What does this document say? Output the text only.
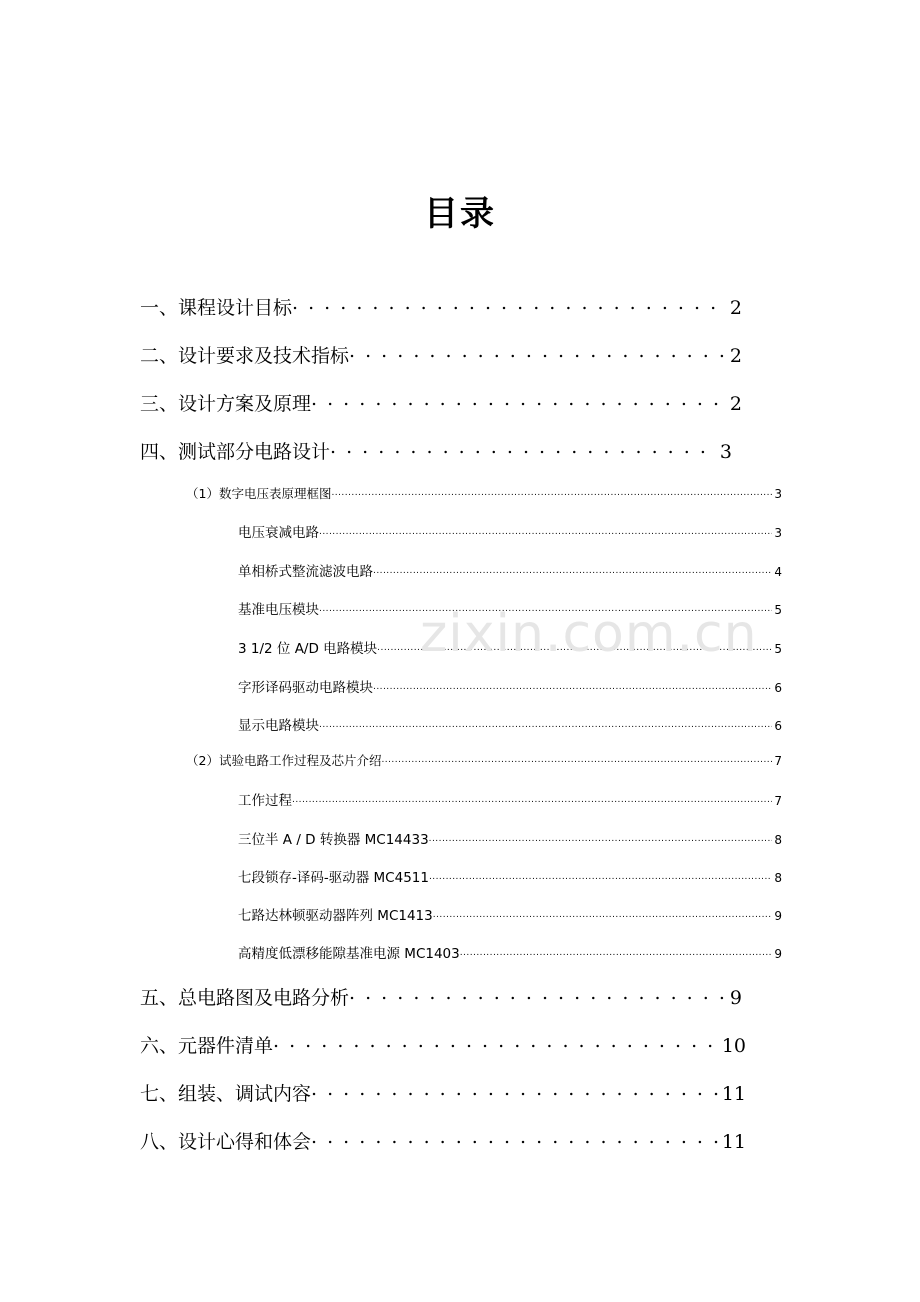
目录
一、课程设计目标 . . .	2
二、设计要求及技术指标 . . .	2
三、设计方案及原理 . . .	2
四、测试部分电路设计 . . .	3
（1）数字电压表原理框图 . . .	3
电压衰减电路 . . .	3
单相桥式整流滤波电路 . . .	4
基准电压模块 . . .	5
3 1/2 位 A/D 电路模块 . . .	5
字形译码驱动电路模块 . . .	6
显示电路模块 . . .	6
（2）试验电路工作过程及芯片介绍 . . .	7
工作过程 . . .	7
三位半 A / D 转换器 MC14433 . . .	8
七段锁存-译码-驱动器 MC4511 . . .	8
七路达林顿驱动器阵列 MC1413 . . .	9
高精度低漂移能隙基准电源 MC1403 . . .	9
五、总电路图及电路分析 . . .	9
六、元器件清单 . . .	10
七、组装、调试内容 . . .	11
八、设计心得和体会 . . .	11
zixin.com.cn
